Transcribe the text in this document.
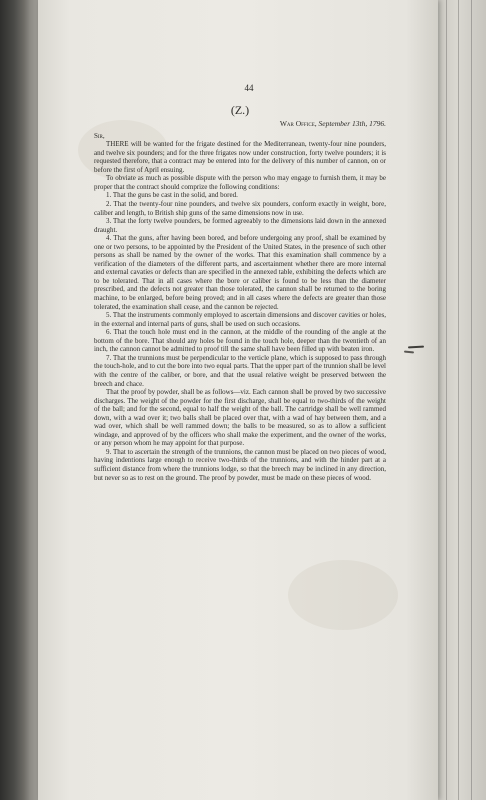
44
(Z.)
War Office, September 13th, 1796.
Sir,

THERE will be wanted for the frigate destined for the Mediterranean, twenty-four nine pounders, and twelve six pounders; and for the three frigates now under construction, forty twelve pounders; it is requested therefore, that a contract may be entered into for the delivery of this number of cannon, on or before the first of April ensuing.

To obviate as much as possible dispute with the person who may engage to furnish them, it may be proper that the contract should comprize the following conditions:

1. That the guns be cast in the solid, and bored.

2. That the twenty-four nine pounders, and twelve six pounders, conform exactly in weight, bore, caliber and length, to British ship guns of the same dimensions now in use.

3. That the forty twelve pounders, be formed agreeably to the dimensions laid down in the annexed draught.

4. That the guns, after having been bored, and before undergoing any proof, shall be examined by one or two persons, to be appointed by the President of the United States, in the presence of such other persons as shall be named by the owner of the works. That this examination shall commence by a verification of the diameters of the different parts, and ascertainment whether there are more internal and external cavaties or defects than are specified in the annexed table, exhibiting the defects which are to be tolerated. That in all cases where the bore or caliber is found to be less than the diameter prescribed, and the defects not greater than those tolerated, the cannon shall be returned to the boring machine, to be enlarged, before being proved; and in all cases where the defects are greater than those tolerated, the examination shall cease, and the cannon be rejected.

5. That the instruments commonly employed to ascertain dimensions and discover cavities or holes, in the external and internal parts of guns, shall be used on such occasions.

6. That the touch hole must end in the cannon, at the middle of the rounding of the angle at the bottom of the bore. That should any holes be found in the touch hole, deeper than the twentieth of an inch, the cannon cannot be admitted to proof till the same shall have been filled up with beaten iron.

7. That the trunnions must be perpendicular to the verticle plane, which is supposed to pass through the touch-hole, and to cut the bore into two equal parts. That the upper part of the trunnion shall be level with the centre of the caliber, or bore, and that the usual relative weight be preserved between the breech and chace.

That the proof by powder, shall be as follows—viz. Each cannon shall be proved by two successive discharges. The weight of the powder for the first discharge, shall be equal to two-thirds of the weight of the ball; and for the second, equal to half the weight of the ball. The cartridge shall be well rammed down, with a wad over it; two balls shall be placed over that, with a wad of hay between them, and a wad over, which shall be well rammed down; the balls to be measured, so as to allow a sufficient windage, and approved of by the officers who shall make the experiment, and the owner of the works, or any person whom he may appoint for that purpose.

9. That to ascertain the strength of the trunnions, the cannon must be placed on two pieces of wood, having indentions large enough to receive two-thirds of the trunnions, and with the hinder part at a sufficient distance from where the trunnions lodge, so that the breech may be inclined in any direction, but never so as to rest on the ground. The proof by powder, must be made on these pieces of wood.
